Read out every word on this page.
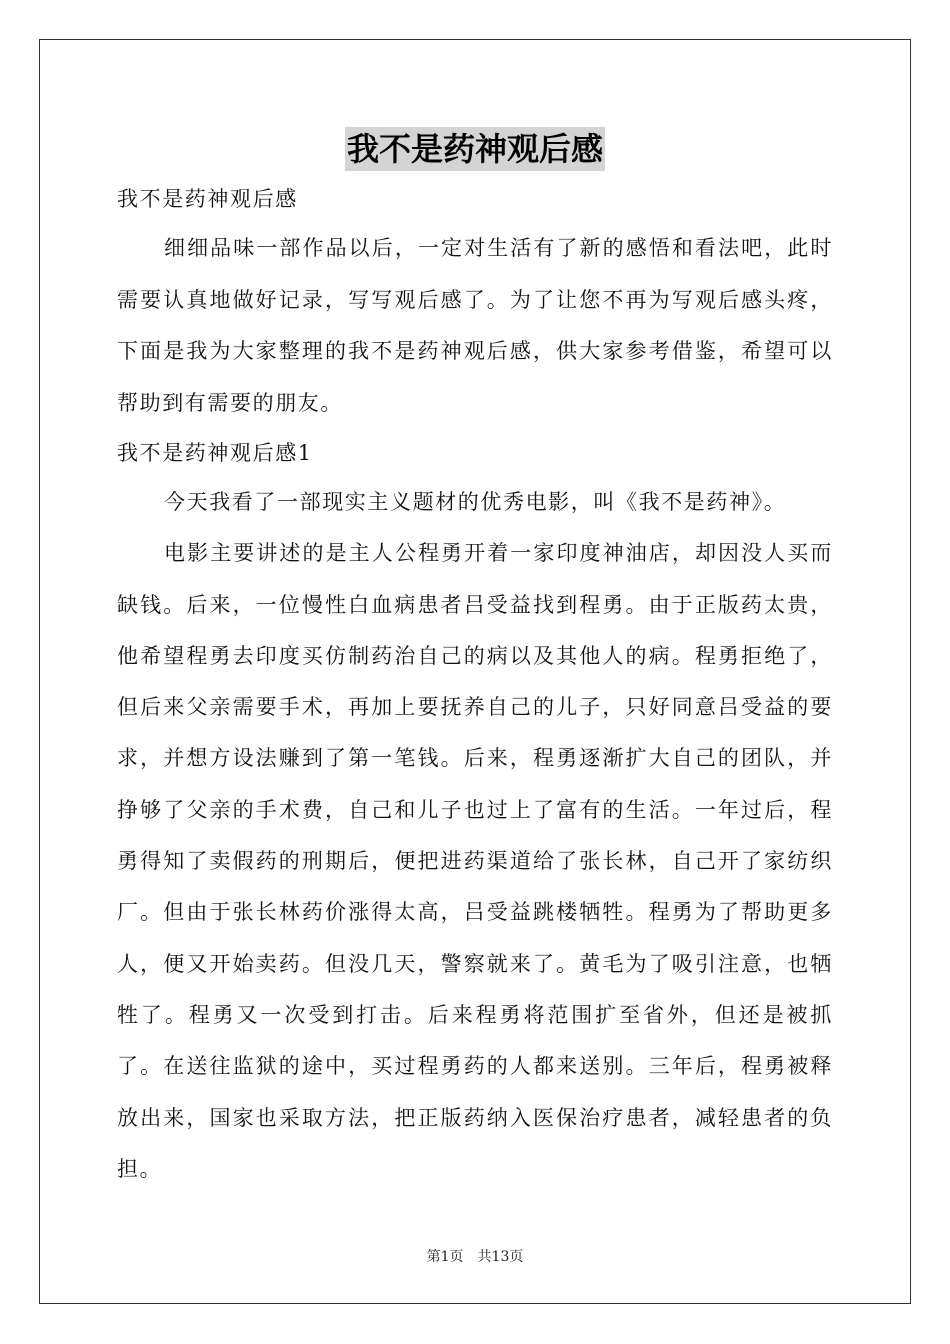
我不是药神观后感

我不是药神观后感

细细品味一部作品以后，一定对生活有了新的感悟和看法吧，此时需要认真地做好记录，写写观后感了。为了让您不再为写观后感头疼，下面是我为大家整理的我不是药神观后感，供大家参考借鉴，希望可以帮助到有需要的朋友。

我不是药神观后感1

今天我看了一部现实主义题材的优秀电影，叫《我不是药神》。

电影主要讲述的是主人公程勇开着一家印度神油店，却因没人买而缺钱。后来，一位慢性白血病患者吕受益找到程勇。由于正版药太贵，他希望程勇去印度买仿制药治自己的病以及其他人的病。程勇拒绝了，但后来父亲需要手术，再加上要抚养自己的儿子，只好同意吕受益的要求，并想方设法赚到了第一笔钱。后来，程勇逐渐扩大自己的团队，并挣够了父亲的手术费，自己和儿子也过上了富有的生活。一年过后，程勇得知了卖假药的刑期后，便把进药渠道给了张长林，自己开了家纺织厂。但由于张长林药价涨得太高，吕受益跳楼牺牲。程勇为了帮助更多人，便又开始卖药。但没几天，警察就来了。黄毛为了吸引注意，也牺牲了。程勇又一次受到打击。后来程勇将范围扩至省外，但还是被抓了。在送往监狱的途中，买过程勇药的人都来送别。三年后，程勇被释放出来，国家也采取方法，把正版药纳入医保治疗患者，减轻患者的负担。

第1页　共13页
